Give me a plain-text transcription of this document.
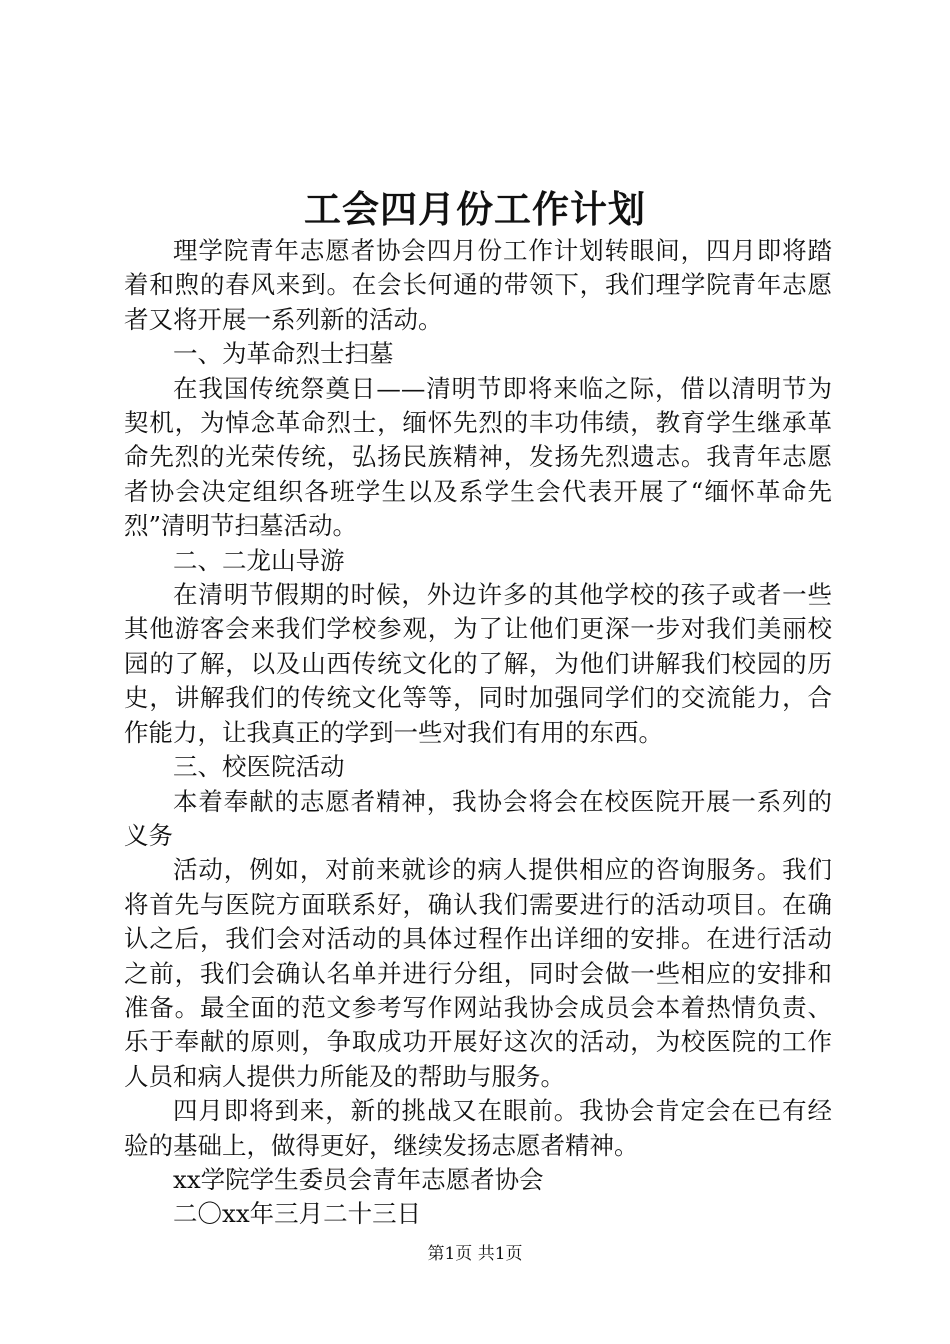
工会四月份工作计划

理学院青年志愿者协会四月份工作计划转眼间，四月即将踏着和煦的春风来到。在会长何通的带领下，我们理学院青年志愿者又将开展一系列新的活动。

一、为革命烈士扫墓

在我国传统祭奠日——清明节即将来临之际，借以清明节为契机，为悼念革命烈士，缅怀先烈的丰功伟绩，教育学生继承革命先烈的光荣传统，弘扬民族精神，发扬先烈遗志。我青年志愿者协会决定组织各班学生以及系学生会代表开展了“缅怀革命先烈”清明节扫墓活动。

二、二龙山导游

在清明节假期的时候，外边许多的其他学校的孩子或者一些其他游客会来我们学校参观，为了让他们更深一步对我们美丽校园的了解，以及山西传统文化的了解，为他们讲解我们校园的历史，讲解我们的传统文化等等，同时加强同学们的交流能力，合作能力，让我真正的学到一些对我们有用的东西。

三、校医院活动

本着奉献的志愿者精神，我协会将会在校医院开展一系列的义务

活动，例如，对前来就诊的病人提供相应的咨询服务。我们将首先与医院方面联系好，确认我们需要进行的活动项目。在确认之后，我们会对活动的具体过程作出详细的安排。在进行活动之前，我们会确认名单并进行分组，同时会做一些相应的安排和准备。最全面的范文参考写作网站我协会成员会本着热情负责、乐于奉献的原则，争取成功开展好这次的活动，为校医院的工作人员和病人提供力所能及的帮助与服务。

四月即将到来，新的挑战又在眼前。我协会肯定会在已有经验的基础上，做得更好，继续发扬志愿者精神。

xx学院学生委员会青年志愿者协会

二〇xx年三月二十三日

第1页 共1页
